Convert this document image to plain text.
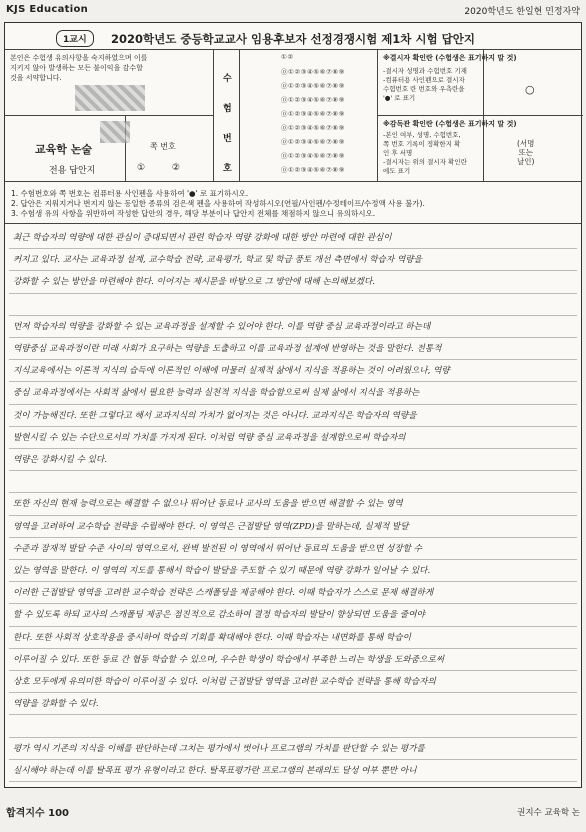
KJS Education	2020학년도 한일현 민정자약
1교시	2020학년도 중등학교교사 임용후보자 선정경쟁시험 제1차 시험 답안지
본인은 수험생 유의사항을 숙지하였으며 이를
지키지 않아 발생하는 모든 불이익을 감수할
것을 서약합니다.
교육학 논술
전용 답안지
쪽 번호
① ②
수
험
번
호
①②
⓪①②③④⑤⑥⑦⑧⑨
⓪①②③④⑤⑥⑦⑧⑨
⓪①②③④⑤⑥⑦⑧⑨
⓪①②③④⑤⑥⑦⑧⑨
⓪①②③④⑤⑥⑦⑧⑨
⓪①②③④⑤⑥⑦⑧⑨
⓪①②③④⑤⑥⑦⑧⑨
⓪①②③④⑤⑥⑦⑧⑨
※결시자 확인란 (수험생은 표기하지 말 것)
-결시자 성명과 수험번호 기재
-컴퓨터용 사인펜으로 결시자
수험번호 란 번호와 우측란을
'●' 로 표기
○
※감독관 확인란 (수험생은 표기하지 말 것)
-본인 여부, 성명, 수험번호,
쪽 번호 기록이 정확한지 확
인 후 서명
-결시자는 위의 결시자 확인란
에도 표기
(서명
또는
날인)
1. 수험번호와 쪽 번호는 컴퓨터용 사인펜을 사용하여 '●' 로 표기하시오.
2. 답안은 지워지거나 번지지 않는 동일한 종류의 검은색 펜을 사용하여 작성하시오(연필/사인펜/수정테이프/수정액 사용 불가).
3. 수험생 유의 사항을 위반하여 작성한 답안의 경우, 해당 부분이나 답안지 전체를 채점하지 않으니 유의하시오.
최근 학습자의 역량에 대한 관심이 증대되면서 관련 학습자 역량 강화에 대한 방안 마련에 대한 관심이
커지고 있다. 교사는 교육과정 설계, 교수학습 전략, 교육평가, 학교 및 학급 풍토 개선 측면에서 학습자 역량을
강화할 수 있는 방안을 마련해야 한다. 이어지는 제시문을 바탕으로 그 방안에 대해 논의해보겠다.
먼저 학습자의 역량을 강화할 수 있는 교육과정을 설계할 수 있어야 한다. 이를 역량 중심 교육과정이라고 하는데
역량중심 교육과정이란 미래 사회가 요구하는 역량을 도출하고 이를 교육과정 설계에 반영하는 것을 말한다. 전통적
지식교육에서는 이론적 지식의 습득에 이론적인 이해에 머물러 실제적 삶에서 지식을 적용하는 것이 어려웠으나, 역량
중심 교육과정에서는 사회적 삶에서 필요한 능력과 실천적 지식을 학습함으로써 실제 삶에서 지식을 적용하는
것이 가능해진다. 또한 그렇다고 해서 교과지식의 가치가 없어지는 것은 아니다. 교과지식은 학습자의 역량을
발현시킬 수 있는 수단으로서의 가치를 가지게 된다. 이처럼 역량 중심 교육과정을 설계함으로써 학습자의
역량은 강화시킬 수 있다.
또한 자신의 현재 능력으로는 해결할 수 없으나 뛰어난 동료나 교사의 도움을 받으면 해결할 수 있는 영역
영역을 고려하여 교수학습 전략을 수립해야 한다. 이 영역은 근접발달 영역(ZPD)을 말하는데, 실제적 발달
수준과 잠재적 발달 수준 사이의 영역으로서, 완벽 발전된 이 영역에서 뛰어난 동료의 도움을 받으면 성장할 수
있는 영역을 말한다. 이 영역의 지도를 통해서 학습이 발달을 주도할 수 있기 때문에 역량 강화가 일어날 수 있다.
이러한 근접발달 영역을 고려한 교수학습 전략은 스캐폴딩을 제공해야 한다. 이때 학습자가 스스로 문제 해결하게
할 수 있도록 하되 교사의 스캐폴딩 제공은 점진적으로 감소하여 결정 학습자의 발달이 향상되면 도움을 줄여야
한다. 또한 사회적 상호작용을 중시하여 학습의 기회를 확대해야 한다. 이때 학습자는 내면화를 통해 학습이
이루어질 수 있다. 또한 동료 간 협동 학습할 수 있으며, 우수한 학생이 학습에서 부족한 느리는 학생을 도와줌으로써
상호 모두에게 유의미한 학습이 이루어질 수 있다. 이처럼 근접발달 영역을 고려한 교수학습 전략을 통해 학습자의
역량을 강화할 수 있다.
평가 역시 기존의 지식을 이해를 판단하는데 그치는 평가에서 벗어나 프로그램의 가치를 판단할 수 있는 평가를
실시해야 하는데 이를 탈목표 평가 유형이라고 한다. 탈목표평가란 프로그램의 본래의도 달성 여부 뿐만 아니
합격지수 100	권지수 교육학 논
